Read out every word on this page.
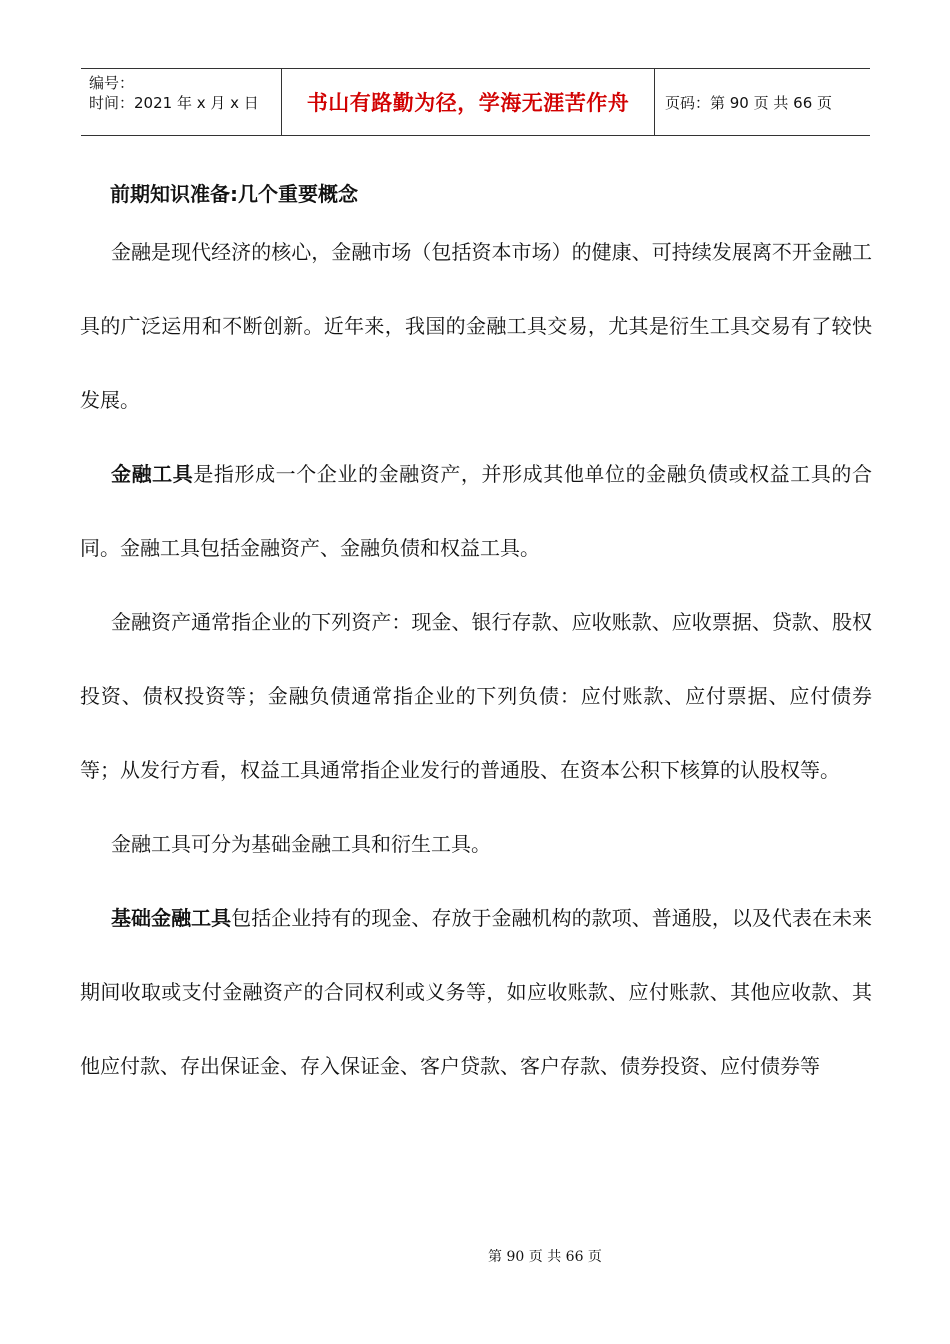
编号：
时间：2021 年 x 月 x 日	书山有路勤为径，学海无涯苦作舟 页码：第 90 页 共 66 页
前期知识准备:几个重要概念

金融是现代经济的核心，金融市场（包括资本市场）的健康、可持续发展离不开金融工具的广泛运用和不断创新。近年来，我国的金融工具交易，尤其是衍生工具交易有了较快发展。

金融工具是指形成一个企业的金融资产，并形成其他单位的金融负债或权益工具的合同。金融工具包括金融资产、金融负债和权益工具。

金融资产通常指企业的下列资产：现金、银行存款、应收账款、应收票据、贷款、股权投资、债权投资等；金融负债通常指企业的下列负债：应付账款、应付票据、应付债券等；从发行方看，权益工具通常指企业发行的普通股、在资本公积下核算的认股权等。

金融工具可分为基础金融工具和衍生工具。

基础金融工具包括企业持有的现金、存放于金融机构的款项、普通股，以及代表在未来期间收取或支付金融资产的合同权利或义务等，如应收账款、应付账款、其他应收款、其他应付款、存出保证金、存入保证金、客户贷款、客户存款、债券投资、应付债券等

第 90 页 共 66 页
